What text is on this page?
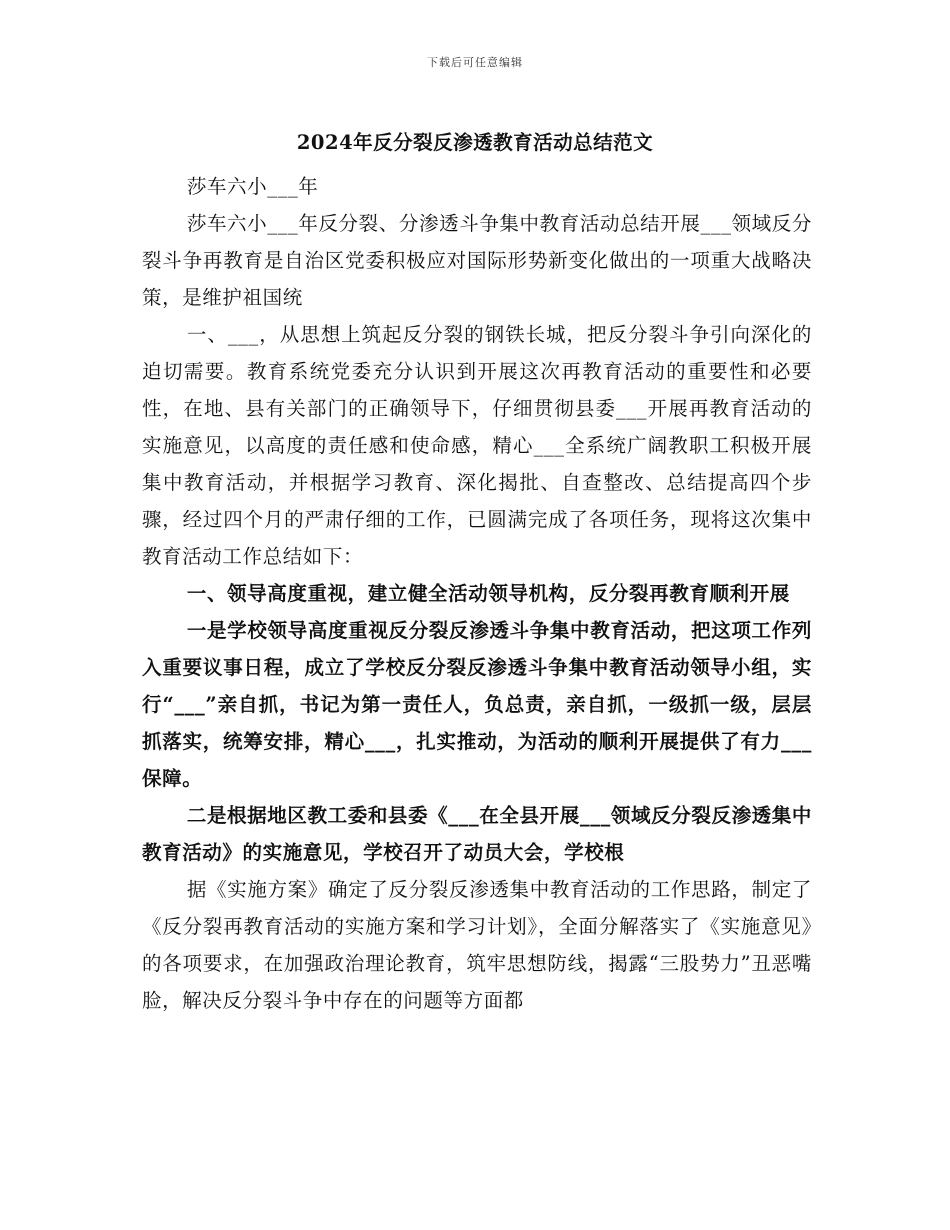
下载后可任意编辑
2024年反分裂反渗透教育活动总结范文

莎车六小___年

莎车六小___年反分裂、分渗透斗争集中教育活动总结开展___领域反分裂斗争再教育是自治区党委积极应对国际形势新变化做出的一项重大战略决策，是维护祖国统

一、___，从思想上筑起反分裂的钢铁长城，把反分裂斗争引向深化的迫切需要。教育系统党委充分认识到开展这次再教育活动的重要性和必要性，在地、县有关部门的正确领导下，仔细贯彻县委___开展再教育活动的实施意见，以高度的责任感和使命感，精心___全系统广阔教职工积极开展集中教育活动，并根据学习教育、深化揭批、自查整改、总结提高四个步骤，经过四个月的严肃仔细的工作，已圆满完成了各项任务，现将这次集中教育活动工作总结如下：

一、领导高度重视，建立健全活动领导机构，反分裂再教育顺利开展

一是学校领导高度重视反分裂反渗透斗争集中教育活动，把这项工作列入重要议事日程，成立了学校反分裂反渗透斗争集中教育活动领导小组，实行“___”亲自抓，书记为第一责任人，负总责，亲自抓，一级抓一级，层层抓落实，统筹安排，精心___，扎实推动，为活动的顺利开展提供了有力___保障。

二是根据地区教工委和县委《___在全县开展___领域反分裂反渗透集中教育活动》的实施意见，学校召开了动员大会，学校根

据《实施方案》确定了反分裂反渗透集中教育活动的工作思路，制定了《反分裂再教育活动的实施方案和学习计划》，全面分解落实了《实施意见》的各项要求，在加强政治理论教育，筑牢思想防线，揭露“三股势力”丑恶嘴脸，解决反分裂斗争中存在的问题等方面都
